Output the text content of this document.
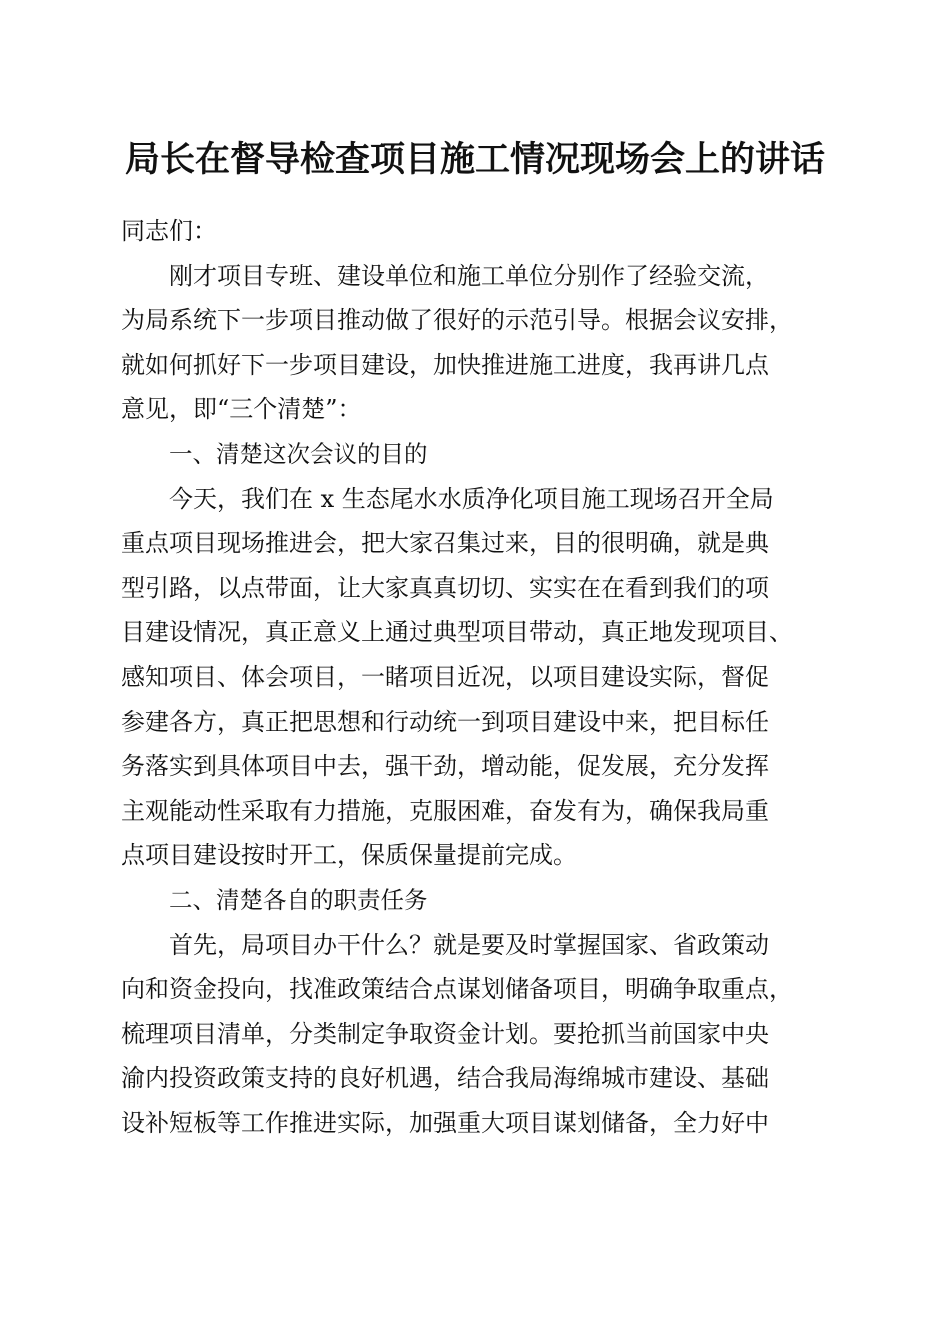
局长在督导检查项目施工情况现场会上的讲话
同志们：
刚才项目专班、建设单位和施工单位分别作了经验交流，
为局系统下一步项目推动做了很好的示范引导。根据会议安排，
就如何抓好下一步项目建设，加快推进施工进度，我再讲几点
意见，即“三个清楚”：
一、清楚这次会议的目的
今天，我们在 x 生态尾水水质净化项目施工现场召开全局
重点项目现场推进会，把大家召集过来，目的很明确，就是典
型引路，以点带面，让大家真真切切、实实在在看到我们的项
目建设情况，真正意义上通过典型项目带动，真正地发现项目、
感知项目、体会项目，一睹项目近况，以项目建设实际，督促
参建各方，真正把思想和行动统一到项目建设中来，把目标任
务落实到具体项目中去，强干劲，增动能，促发展，充分发挥
主观能动性采取有力措施，克服困难，奋发有为，确保我局重
点项目建设按时开工，保质保量提前完成。
二、清楚各自的职责任务
首先，局项目办干什么？就是要及时掌握国家、省政策动
向和资金投向，找准政策结合点谋划储备项目，明确争取重点，
梳理项目清单，分类制定争取资金计划。要抢抓当前国家中央
渝内投资政策支持的良好机遇，结合我局海绵城市建设、基础
设补短板等工作推进实际，加强重大项目谋划储备，全力好中
